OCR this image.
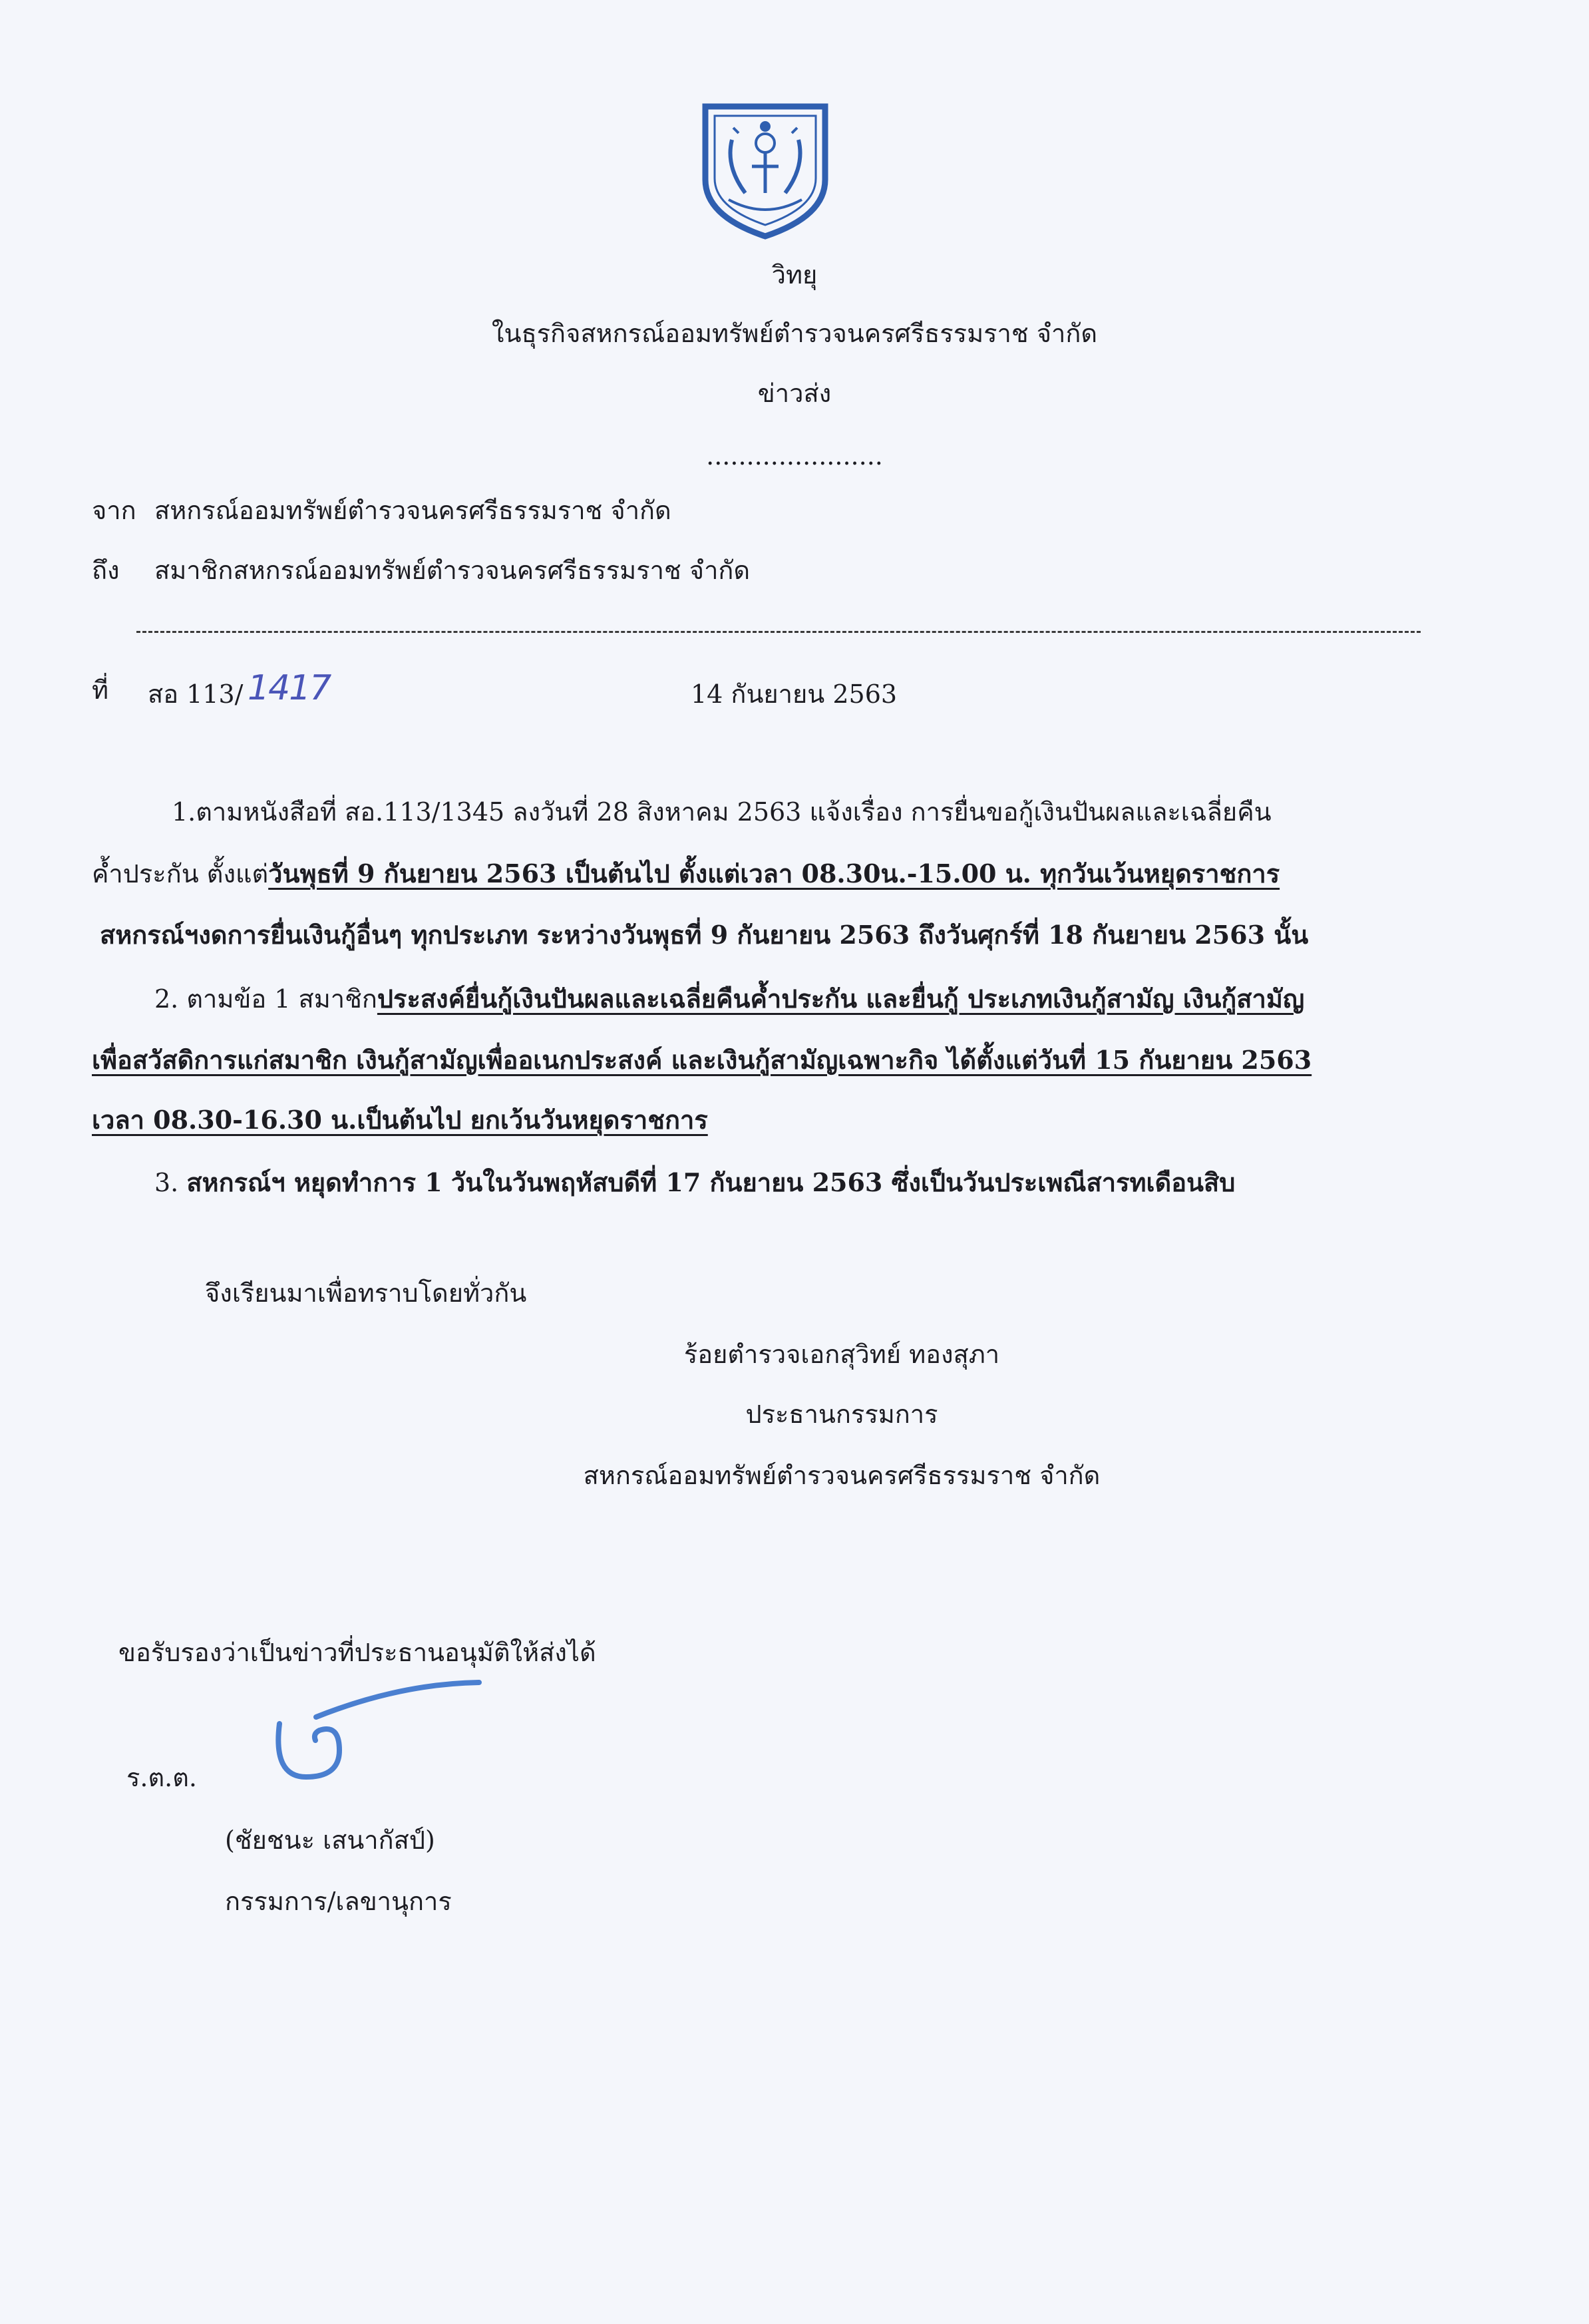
วิทยุ
ในธุรกิจสหกรณ์ออมทรัพย์ตำรวจนครศรีธรรมราช จำกัด
ข่าวส่ง
......................
จาก สหกรณ์ออมทรัพย์ตำรวจนครศรีธรรมราช จำกัด
ถึง สมาชิกสหกรณ์ออมทรัพย์ตำรวจนครศรีธรรมราช จำกัด
ที่ สอ 113/ 1417	14 กันยายน 2563
1.ตามหนังสือที่ สอ.113/1345 ลงวันที่ 28 สิงหาคม 2563 แจ้งเรื่อง การยื่นขอกู้เงินปันผลและเฉลี่ยคืน
ค้ำประกัน ตั้งแต่วันพุธที่ 9 กันยายน 2563 เป็นต้นไป ตั้งแต่เวลา 08.30น.-15.00 น. ทุกวันเว้นหยุดราชการ
สหกรณ์ฯงดการยื่นเงินกู้อื่นๆ ทุกประเภท ระหว่างวันพุธที่ 9 กันยายน 2563 ถึงวันศุกร์ที่ 18 กันยายน 2563 นั้น
2. ตามข้อ 1 สมาชิกประสงค์ยื่นกู้เงินปันผลและเฉลี่ยคืนค้ำประกัน และยื่นกู้ ประเภทเงินกู้สามัญ เงินกู้สามัญ
เพื่อสวัสดิการแก่สมาชิก เงินกู้สามัญเพื่ออเนกประสงค์ และเงินกู้สามัญเฉพาะกิจ ได้ตั้งแต่วันที่ 15 กันยายน 2563
เวลา 08.30-16.30 น.เป็นต้นไป ยกเว้นวันหยุดราชการ
3. สหกรณ์ฯ หยุดทำการ 1 วันในวันพฤหัสบดีที่ 17 กันยายน 2563 ซึ่งเป็นวันประเพณีสารทเดือนสิบ
จึงเรียนมาเพื่อทราบโดยทั่วกัน
ร้อยตำรวจเอกสุวิทย์ ทองสุภา
ประธานกรรมการ
สหกรณ์ออมทรัพย์ตำรวจนครศรีธรรมราช จำกัด
ขอรับรองว่าเป็นข่าวที่ประธานอนุมัติให้ส่งได้
ร.ต.ต.
(ชัยชนะ เสนากัสป์)
กรรมการ/เลขานุการ
